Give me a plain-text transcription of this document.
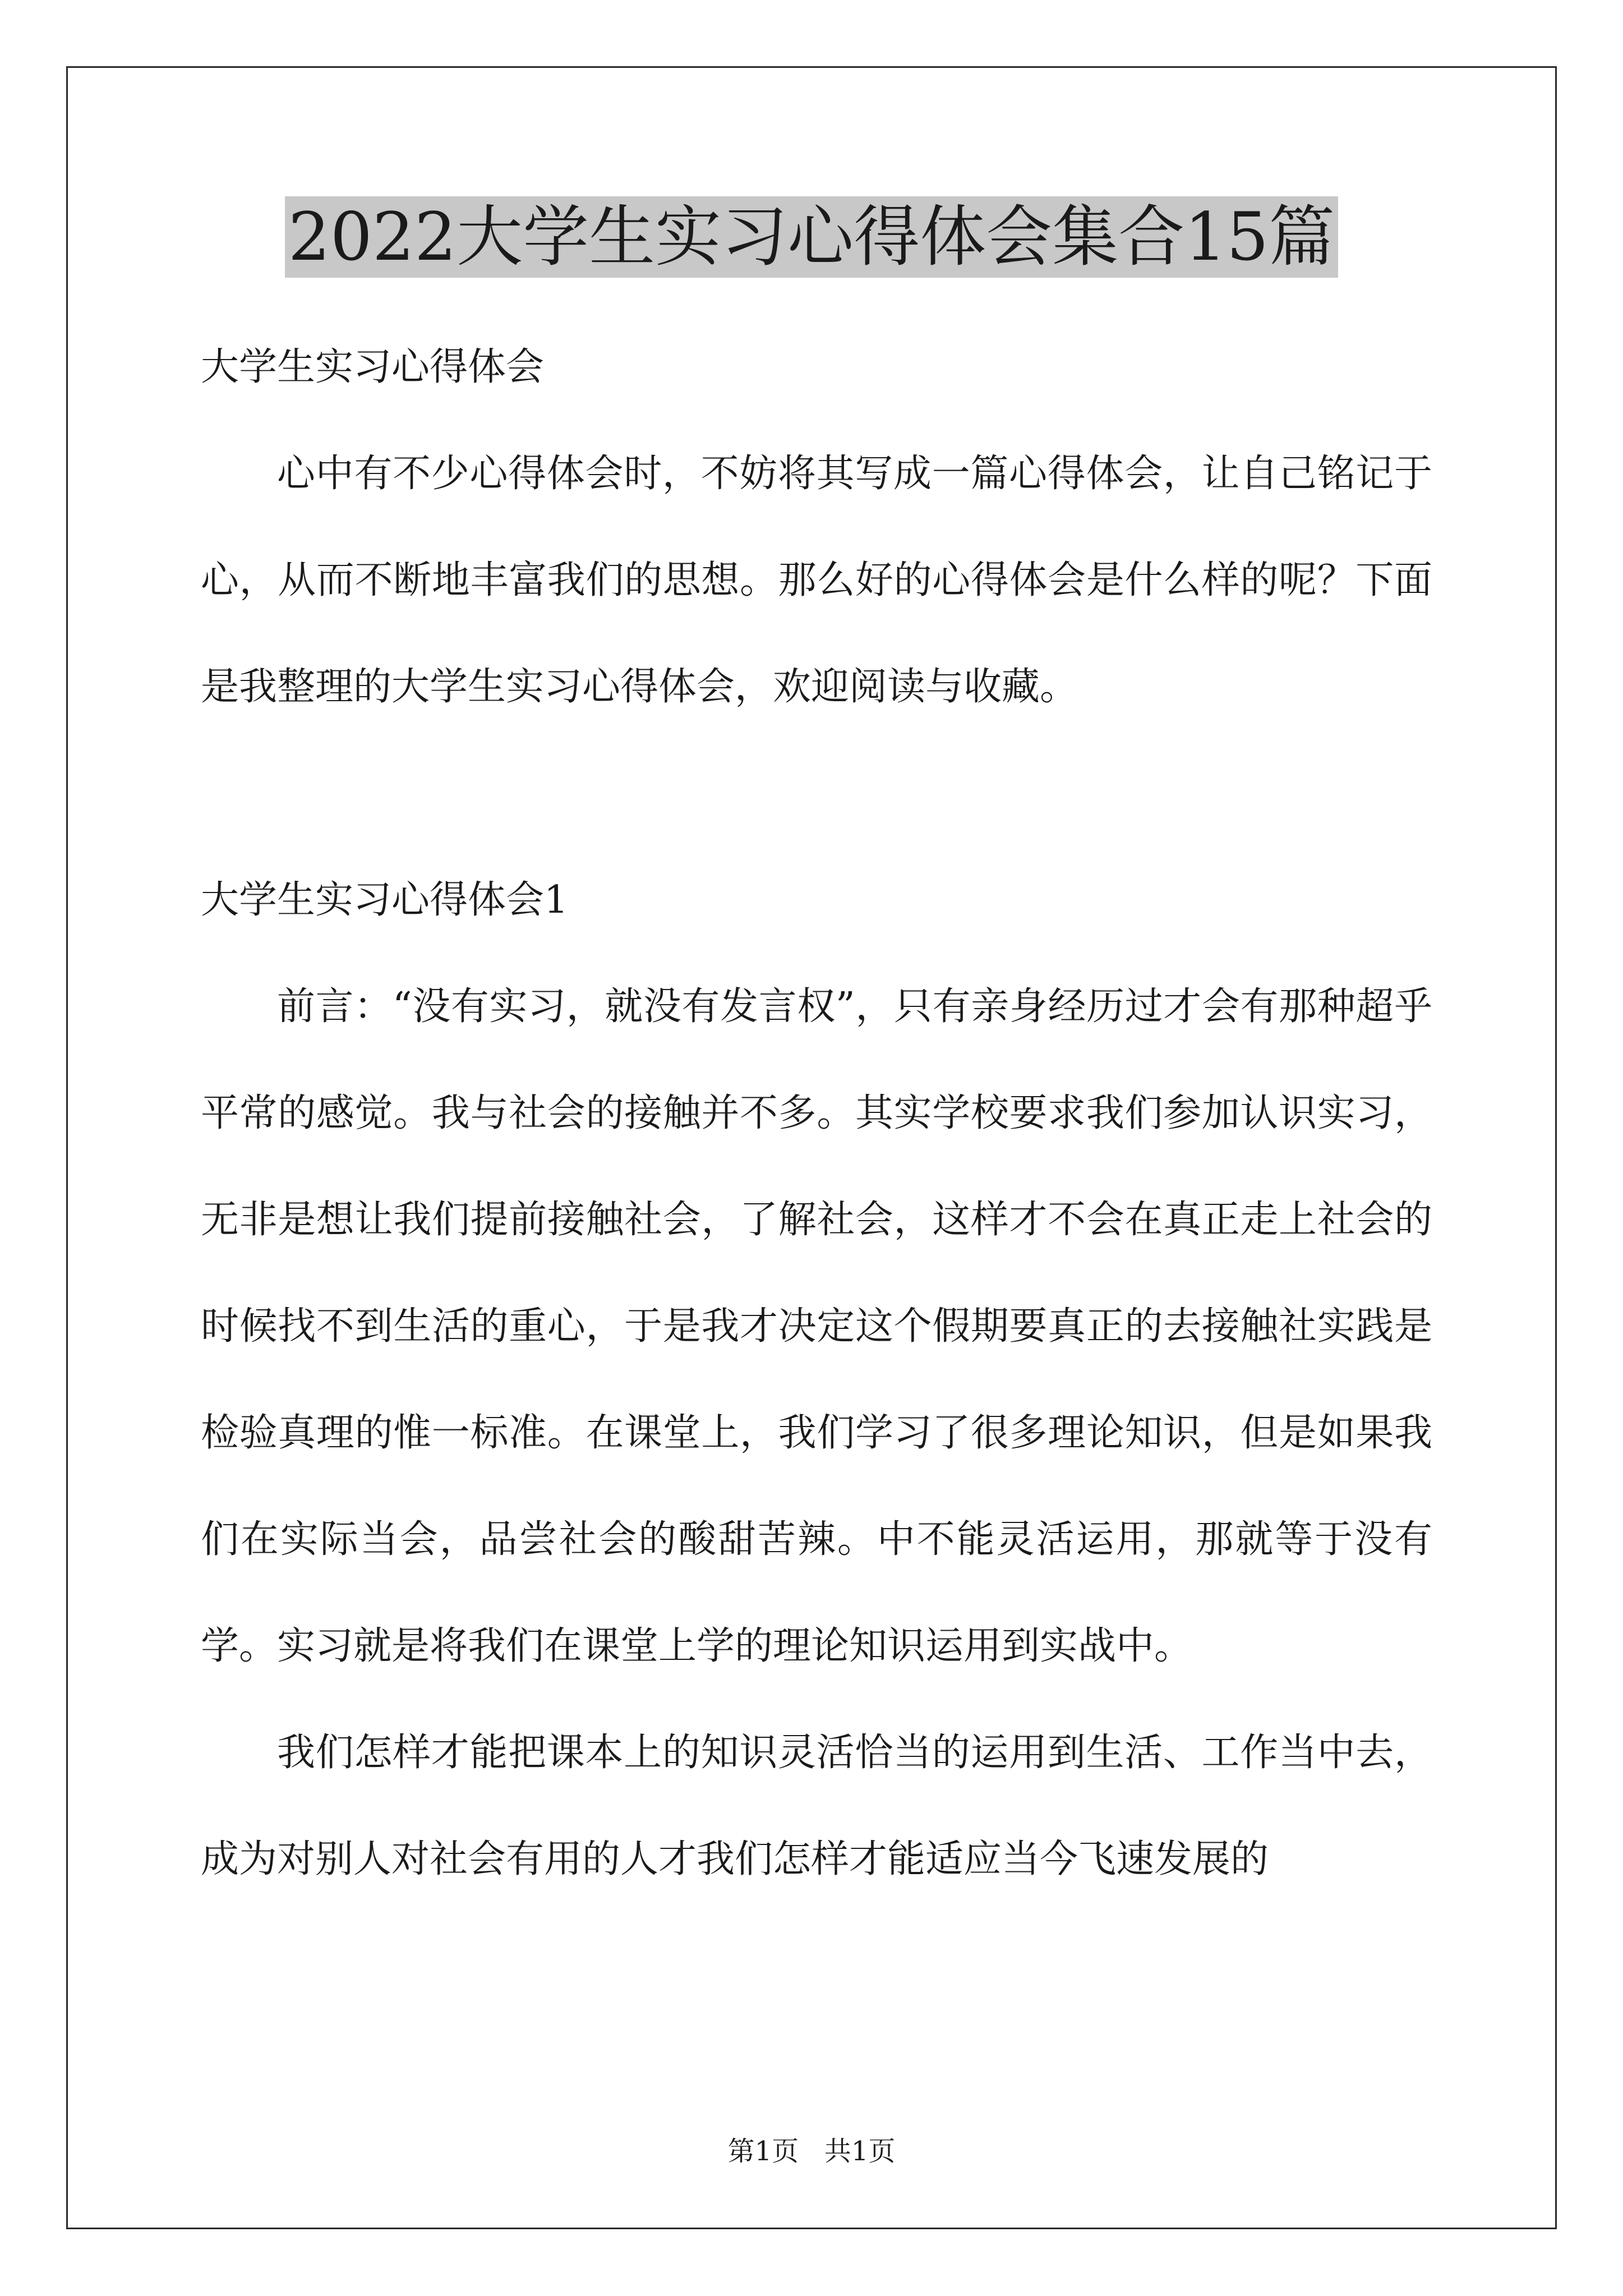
2022大学生实习心得体会集合15篇

大学生实习心得体会

心中有不少心得体会时，不妨将其写成一篇心得体会，让自己铭记于心，从而不断地丰富我们的思想。那么好的心得体会是什么样的呢？下面是我整理的大学生实习心得体会，欢迎阅读与收藏。

大学生实习心得体会1

前言：“没有实习，就没有发言权”，只有亲身经历过才会有那种超乎平常的感觉。我与社会的接触并不多。其实学校要求我们参加认识实习，无非是想让我们提前接触社会，了解社会，这样才不会在真正走上社会的时候找不到生活的重心，于是我才决定这个假期要真正的去接触社实践是检验真理的惟一标准。在课堂上，我们学习了很多理论知识，但是如果我们在实际当会，品尝社会的酸甜苦辣。中不能灵活运用，那就等于没有学。实习就是将我们在课堂上学的理论知识运用到实战中。

我们怎样才能把课本上的知识灵活恰当的运用到生活、工作当中去，成为对别人对社会有用的人才我们怎样才能适应当今飞速发展的

第1页 共1页
